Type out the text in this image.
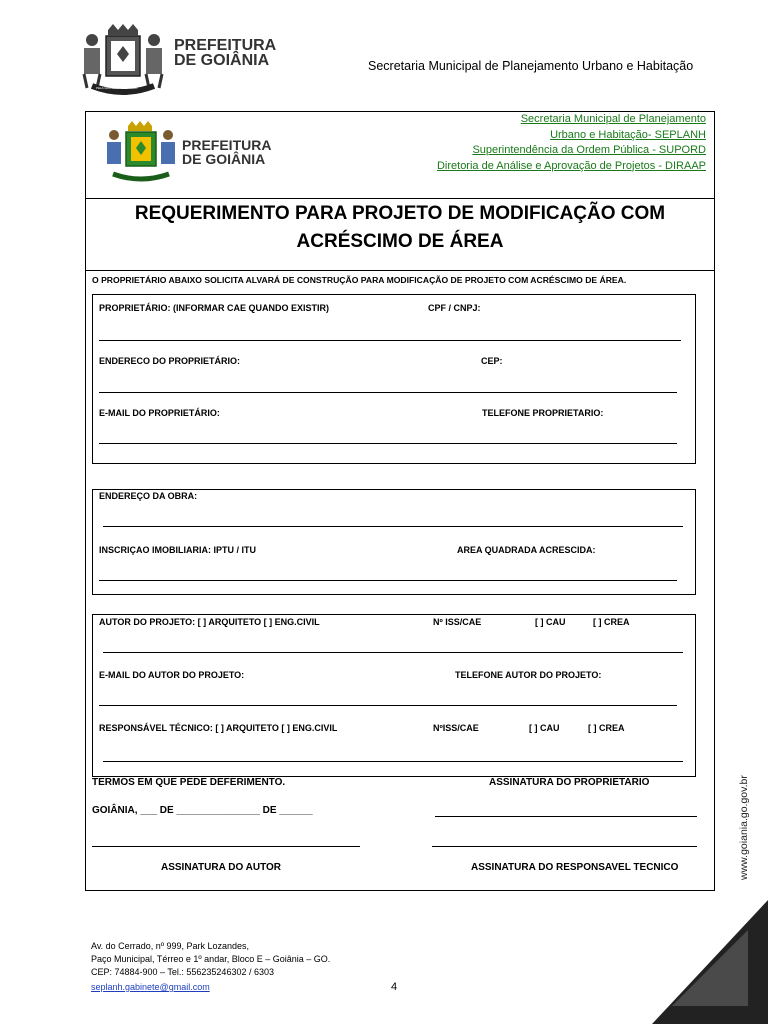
PELA GRANDEZA DA PÁTRIA
PREFEITURA
DE GOIÂNIA	Secretaria Municipal de Planejamento Urbano e Habitação
PREFEITURA
DE GOIÂNIA
Secretaria Municipal de Planejamento
Urbano e Habitação- SEPLANH
Superintendência da Ordem Pública - SUPORD
Diretoria de Análise e Aprovação de Projetos - DIRAAP
REQUERIMENTO PARA PROJETO DE MODIFICAÇÃO COM
ACRÉSCIMO DE ÁREA
O PROPRIETÁRIO ABAIXO SOLICITA ALVARÁ DE CONSTRUÇÃO PARA MODIFICAÇÃO DE PROJETO COM ACRÉSCIMO DE ÁREA.
PROPRIETÁRIO: (INFORMAR CAE QUANDO EXISTIR)	CPF / CNPJ:
ENDERECO DO PROPRIETÁRIO:	CEP:
E-MAIL DO PROPRIETÁRIO:	TELEFONE PROPRIETARIO:
ENDEREÇO DA OBRA:
INSCRIÇAO IMOBILIARIA: IPTU / ITU	AREA QUADRADA ACRESCIDA:
AUTOR DO PROJETO: [ ] ARQUITETO [ ] ENG.CIVIL	Nº ISS/CAE	[ ] CAU	[ ] CREA
E-MAIL DO AUTOR DO PROJETO:	TELEFONE AUTOR DO PROJETO:
RESPONSÁVEL TÉCNICO: [ ] ARQUITETO [ ] ENG.CIVIL	NºISS/CAE	[ ] CAU	[ ] CREA
TERMOS EM QUE PEDE DEFERIMENTO.	ASSINATURA DO PROPRIETARIO
GOIÂNIA, ___ DE _______________ DE ______
ASSINATURA DO AUTOR	ASSINATURA DO RESPONSAVEL TECNICO	www.goiania.go.gov.br
Av. do Cerrado, nº 999, Park Lozandes,
Paço Municipal, Térreo e 1º andar, Bloco E – Goiânia – GO.
CEP: 74884-900 – Tel.: 556235246302 / 6303
seplanh.gabinete@gmail.com	4
